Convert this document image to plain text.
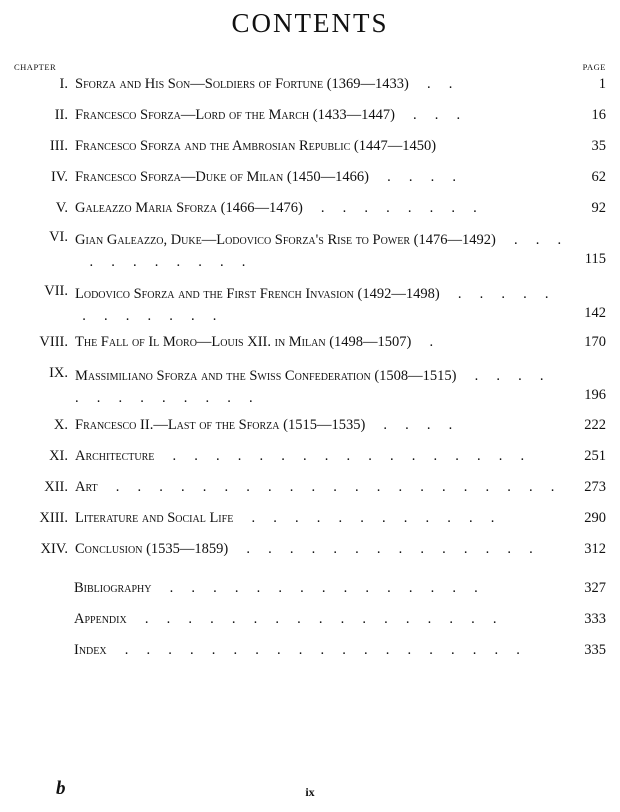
CONTENTS
CHAPTER	PAGE
I. Sforza and His Son—Soldiers of Fortune (1369—1433)     .     .	1
II. Francesco Sforza—Lord of the March (1433—1447)     .     .     .	16
III. Francesco Sforza and the Ambrosian Republic (1447—1450)	35
IV. Francesco Sforza—Duke of Milan (1450—1466)     .     .     .     .	62
V. Galeazzo Maria Sforza (1466—1476)     .     .     .     .     .     .     .     .	92
VI. Gian Galeazzo, Duke—Lodovico Sforza's Rise to Power (1476—1492)     .     .     .     .     .     .     .     .     .     .     .	115
VII. Lodovico Sforza and the First French Invasion (1492—1498)     .     .     .     .     .     .     .     .     .     .     .     .	142
VIII. The Fall of Il Moro—Louis XII. in Milan (1498—1507)     .	170
IX. Massimiliano Sforza and the Swiss Confederation (1508—1515)     .     .     .     .     .     .     .     .     .     .     .     .     .	196
X. Francesco II.—Last of the Sforza (1515—1535)     .     .     .     .	222
XI. Architecture     .     .     .     .     .     .     .     .     .     .     .     .     .     .     .     .     .	251
XII. Art     .     .     .     .     .     .     .     .     .     .     .     .     .     .     .     .     .     .     .     .     .	273
XIII. Literature and Social Life     .     .     .     .     .     .     .     .     .     .     .     .	290
XIV. Conclusion (1535—1859)     .     .     .     .     .     .     .     .     .     .     .     .     .     .	312
Bibliography     .     .     .     .     .     .     .     .     .     .     .     .     .     .     .	327
Appendix     .     .     .     .     .     .     .     .     .     .     .     .     .     .     .     .     .	333
Index     .     .     .     .     .     .     .     .     .     .     .     .     .     .     .     .     .     .     .	335
b	ix
